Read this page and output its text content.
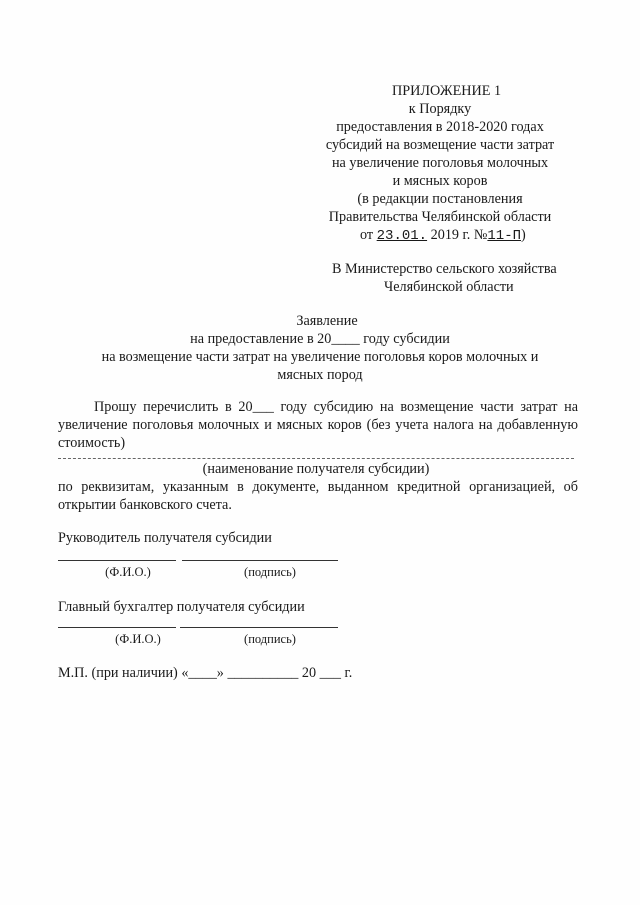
ПРИЛОЖЕНИЕ 1
к Порядку
предоставления в 2018-2020 годах
субсидий на возмещение части затрат
на увеличение поголовья молочных
и мясных коров
(в редакции постановления
Правительства Челябинской области
от 23.01. 2019 г. №11-П)
В Министерство сельского хозяйства
Челябинской области
Заявление
на предоставление в 20____ году субсидии
на возмещение части затрат на увеличение поголовья коров молочных и
мясных пород
Прошу перечислить в 20___ году субсидию на возмещение части затрат на увеличение поголовья молочных и мясных коров (без учета налога на добавленную стоимость)
(наименование получателя субсидии)
по реквизитам, указанным в документе, выданном кредитной организацией, об открытии банковского счета.
Руководитель получателя субсидии
(Ф.И.О.)	(подпись)
Главный бухгалтер получателя субсидии
(Ф.И.О.)	(подпись)
М.П. (при наличии) «____» __________ 20 ___ г.
